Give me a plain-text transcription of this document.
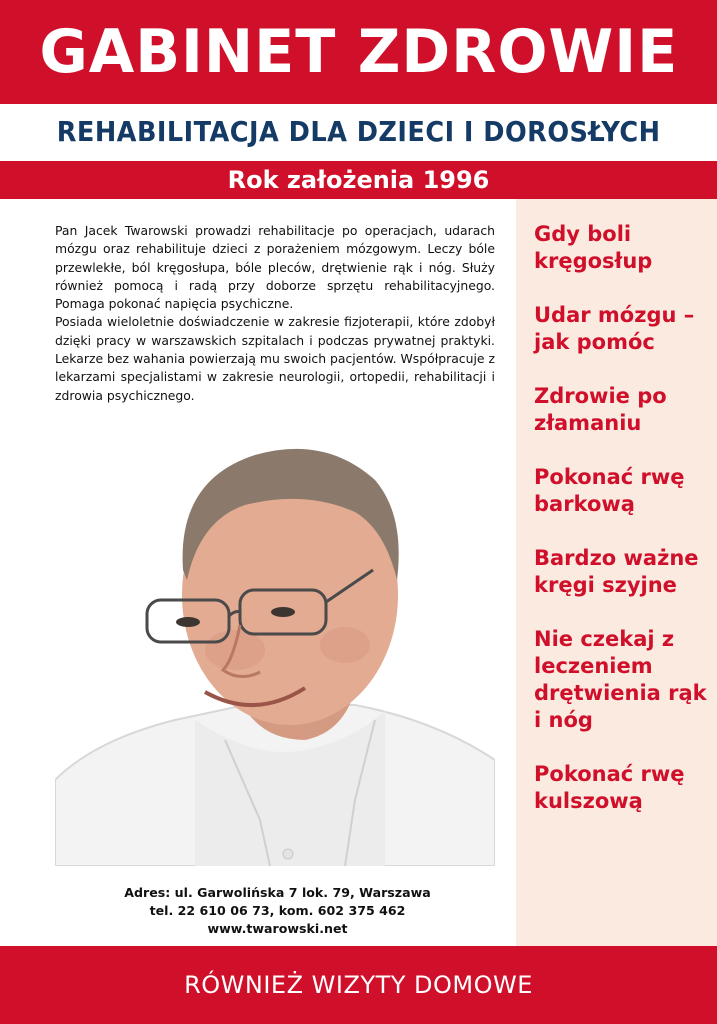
GABINET ZDROWIE
REHABILITACJA DLA DZIECI I DOROSŁYCH
Rok założenia 1996

Pan Jacek Twarowski prowadzi rehabilitacje po operacjach, udarach mózgu oraz rehabilituje dzieci z porażeniem mózgowym. Leczy bóle przewlekłe, ból kręgosłupa, bóle pleców, drętwienie rąk i nóg. Służy również pomocą i radą przy doborze sprzętu rehabilitacyjnego. Pomaga pokonać napięcia psychiczne.

Posiada wieloletnie doświadczenie w zakresie fizjoterapii, które zdobył dzięki pracy w warszawskich szpitalach i podczas prywatnej praktyki. Lekarze bez wahania powierzają mu swoich pacjentów. Współpracuje z lekarzami specjalistami w zakresie neurologii, ortopedii, rehabilitacji i zdrowia psychicznego.

Adres: ul. Garwolińska 7 lok. 79, Warszawa
tel. 22 610 06 73, kom. 602 375 462
www.twarowski.net
Gdy boli kręgosłup
Udar mózgu – jak pomóc
Zdrowie po złamaniu
Pokonać rwę barkową
Bardzo ważne kręgi szyjne
Nie czekaj z leczeniem drętwienia rąk i nóg
Pokonać rwę kulszową
RÓWNIEŻ WIZYTY DOMOWE
